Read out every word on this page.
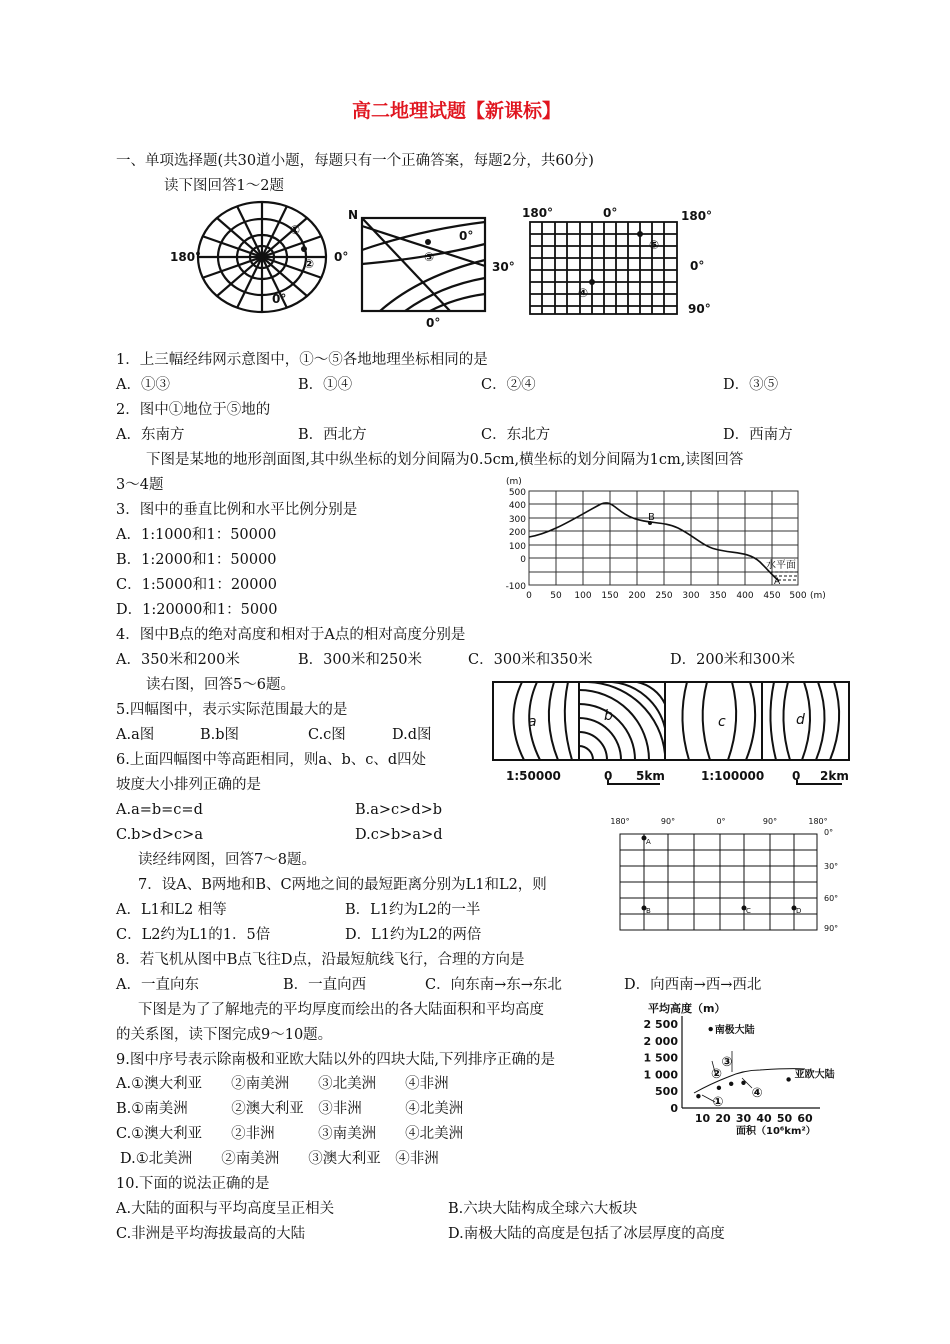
高二地理试题【新课标】
一、单项选择题(共30道小题，每题只有一个正确答案，每题2分，共60分)
读下图回答1～2题
180°	0°
0°
S
①
②
N
0°
30°
0°
③
180°	0°	180°
0°
90°
⑤
④
1．上三幅经纬网示意图中，①～⑤各地地理坐标相同的是
A．①③	B．①④	C．②④	D．③⑤
2．图中①地位于⑤地的
A．东南方	B．西北方	C．东北方	D．西南方
下图是某地的地形剖面图,其中纵坐标的划分间隔为0.5cm,横坐标的划分间隔为1cm,读图回答
3～4题
3．图中的垂直比例和水平比例分别是
A．1:1000和1：50000
B．1:2000和1：50000
C．1:5000和1：20000
D．1:20000和1：5000
(m)
B
A
水平面
500
400
300
200
100
0
-100
0 50 100 150 200 250 300 350 400 450 500 (m)
4．图中B点的绝对高度和相对于A点的相对高度分别是
A．350米和200米	B．300米和250米	C．300米和350米	D．200米和300米
读右图，回答5～6题。
5.四幅图中，表示实际范围最大的是
A.a图	B.b图	C.c图	D.d图
6.上面四幅图中等高距相同，则a、b、c、d四处
坡度大小排列正确的是
A.a=b=c=d	B.a>c>d>b
C.b>d>c>a	D.c>b>a>d
a	b	c	d
1:50000	0 5km	1:100000 0 2km
读经纬网图，回答7～8题。
180°	90°	0°	90°	180°
0°
30°
60°
90°
A
B	C	D
7．设A、B两地和B、C两地之间的最短距离分别为L1和L2，则
A．L1和L2 相等	B．L1约为L2的一半
C．L2约为L1的1．5倍	D．L1约为L2的两倍
8．若飞机从图中B点飞往D点，沿最短航线飞行，合理的方向是
A．一直向东	B．一直向西	C．向东南→东→东北	D．向西南→西→西北
下图是为了了解地壳的平均厚度而绘出的各大陆面积和平均高度
的关系图，读下图完成9～10题。
平均高度（m）
2 500
2 000
1 500
1 000
500
0
10 20 30 40 50 60
面积（10⁶km²）
南极大陆
亚欧大陆
①
②
③
④
9.图中序号表示除南极和亚欧大陆以外的四块大陆,下列排序正确的是
A.①澳大利亚　　②南美洲　　③北美洲　　④非洲
B.①南美洲　　　②澳大利亚　③非洲　　　④北美洲
C.①澳大利亚　　②非洲　　　③南美洲　　④北美洲
D.①北美洲　　②南美洲　　③澳大利亚　④非洲
10.下面的说法正确的是
A.大陆的面积与平均高度呈正相关	B.六块大陆构成全球六大板块
C.非洲是平均海拔最高的大陆	D.南极大陆的高度是包括了冰层厚度的高度
